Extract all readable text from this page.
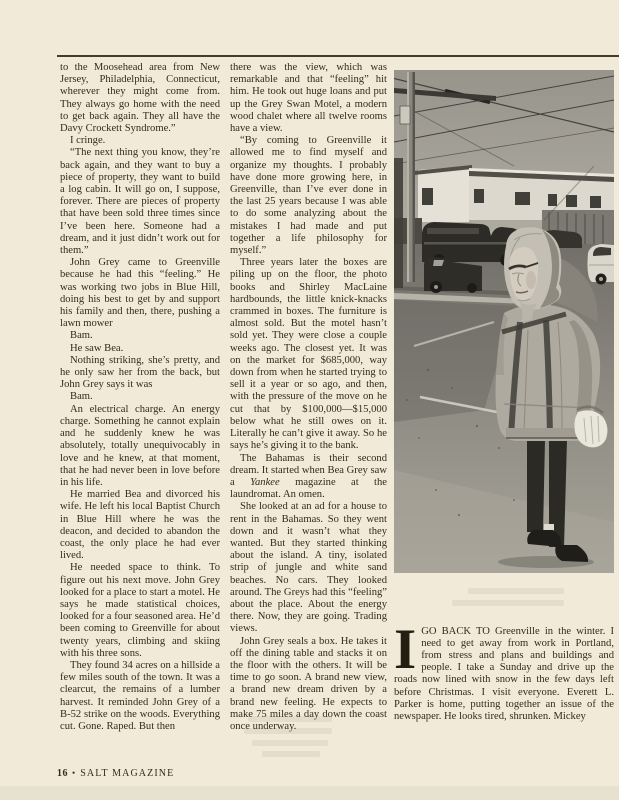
to the Moosehead area from New Jersey, Philadelphia, Connecticut, wherever they might come from. They always go home with the need to get back again. They all have the Davy Crockett Syndrome.”

I cringe.

“The next thing you know, they’re back again, and they want to buy a piece of property, they want to build a log cabin. It will go on, I suppose, forever. There are pieces of property that have been sold three times since I’ve been here. Someone had a dream, and it just didn’t work out for them.”

John Grey came to Greenville because he had this “feeling.” He was working two jobs in Blue Hill, doing his best to get by and support his family and then, there, pushing a lawn mower

Bam.

He saw Bea.

Nothing striking, she’s pretty, and he only saw her from the back, but John Grey says it was

Bam.

An electrical charge. An energy charge. Something he cannot explain and he suddenly knew he was absolutely, totally unequivocably in love and he knew, at that moment, that he had never been in love before in his life.

He married Bea and divorced his wife. He left his local Baptist Church in Blue Hill where he was the deacon, and decided to abandon the coast, the only place he had ever lived.

He needed space to think. To figure out his next move. John Grey looked for a place to start a motel. He says he made statistical choices, looked for a four seasoned area. He’d been coming to Greenville for about twenty years, climbing and skiing with his three sons.

They found 34 acres on a hillside a few miles south of the town. It was a clearcut, the remains of a lumber harvest. It reminded John Grey of a B-52 strike on the woods. Everything cut. Gone. Raped. But then

there was the view, which was remarkable and that “feeling” hit him. He took out huge loans and put up the Grey Swan Motel, a modern wood chalet where all twelve rooms have a view.

“By coming to Greenville it allowed me to find myself and organize my thoughts. I probably have done more growing here, in Greenville, than I’ve ever done in the last 25 years because I was able to do some analyzing about the mistakes I had made and put together a life philosophy for myself.”

Three years later the boxes are piling up on the floor, the photo books and Shirley MacLaine hardbounds, the little knick-knacks crammed in boxes. The furniture is almost sold. But the motel hasn’t sold yet. They were close a couple weeks ago. The closest yet. It was on the market for $685,000, way down from when he started trying to sell it a year or so ago, and then, with the pressure of the move on he cut that by $100,000—$15,000 below what he still owes on it. Literally he can’t give it away. So he says he’s giving it to the bank.

The Bahamas is their second dream. It started when Bea Grey saw a Yankee magazine at the laundromat. An omen.

She looked at an ad for a house to rent in the Bahamas. So they went down and it wasn’t what they wanted. But they started thinking about the island. A tiny, isolated strip of jungle and white sand beaches. No cars. They looked around. The Greys had this “feeling” about the place. About the energy there. Now, they are going. Trading views.

John Grey seals a box. He takes it off the dining table and stacks it on the floor with the others. It will be time to go soon. A brand new view, a brand new dream driven by a brand new feeling. He expects to make 75 miles a day down the coast once underway.

IGO BACK TO Greenville in the winter. I need to get away from work in Portland, from stress and plans and buildings and people. I take a Sunday and drive up the roads now lined with snow in the few days left before Christmas. I visit everyone. Everett L. Parker is home, putting together an issue of the newspaper. He looks tired, shrunken. Mickey

16 • SALT MAGAZINE
